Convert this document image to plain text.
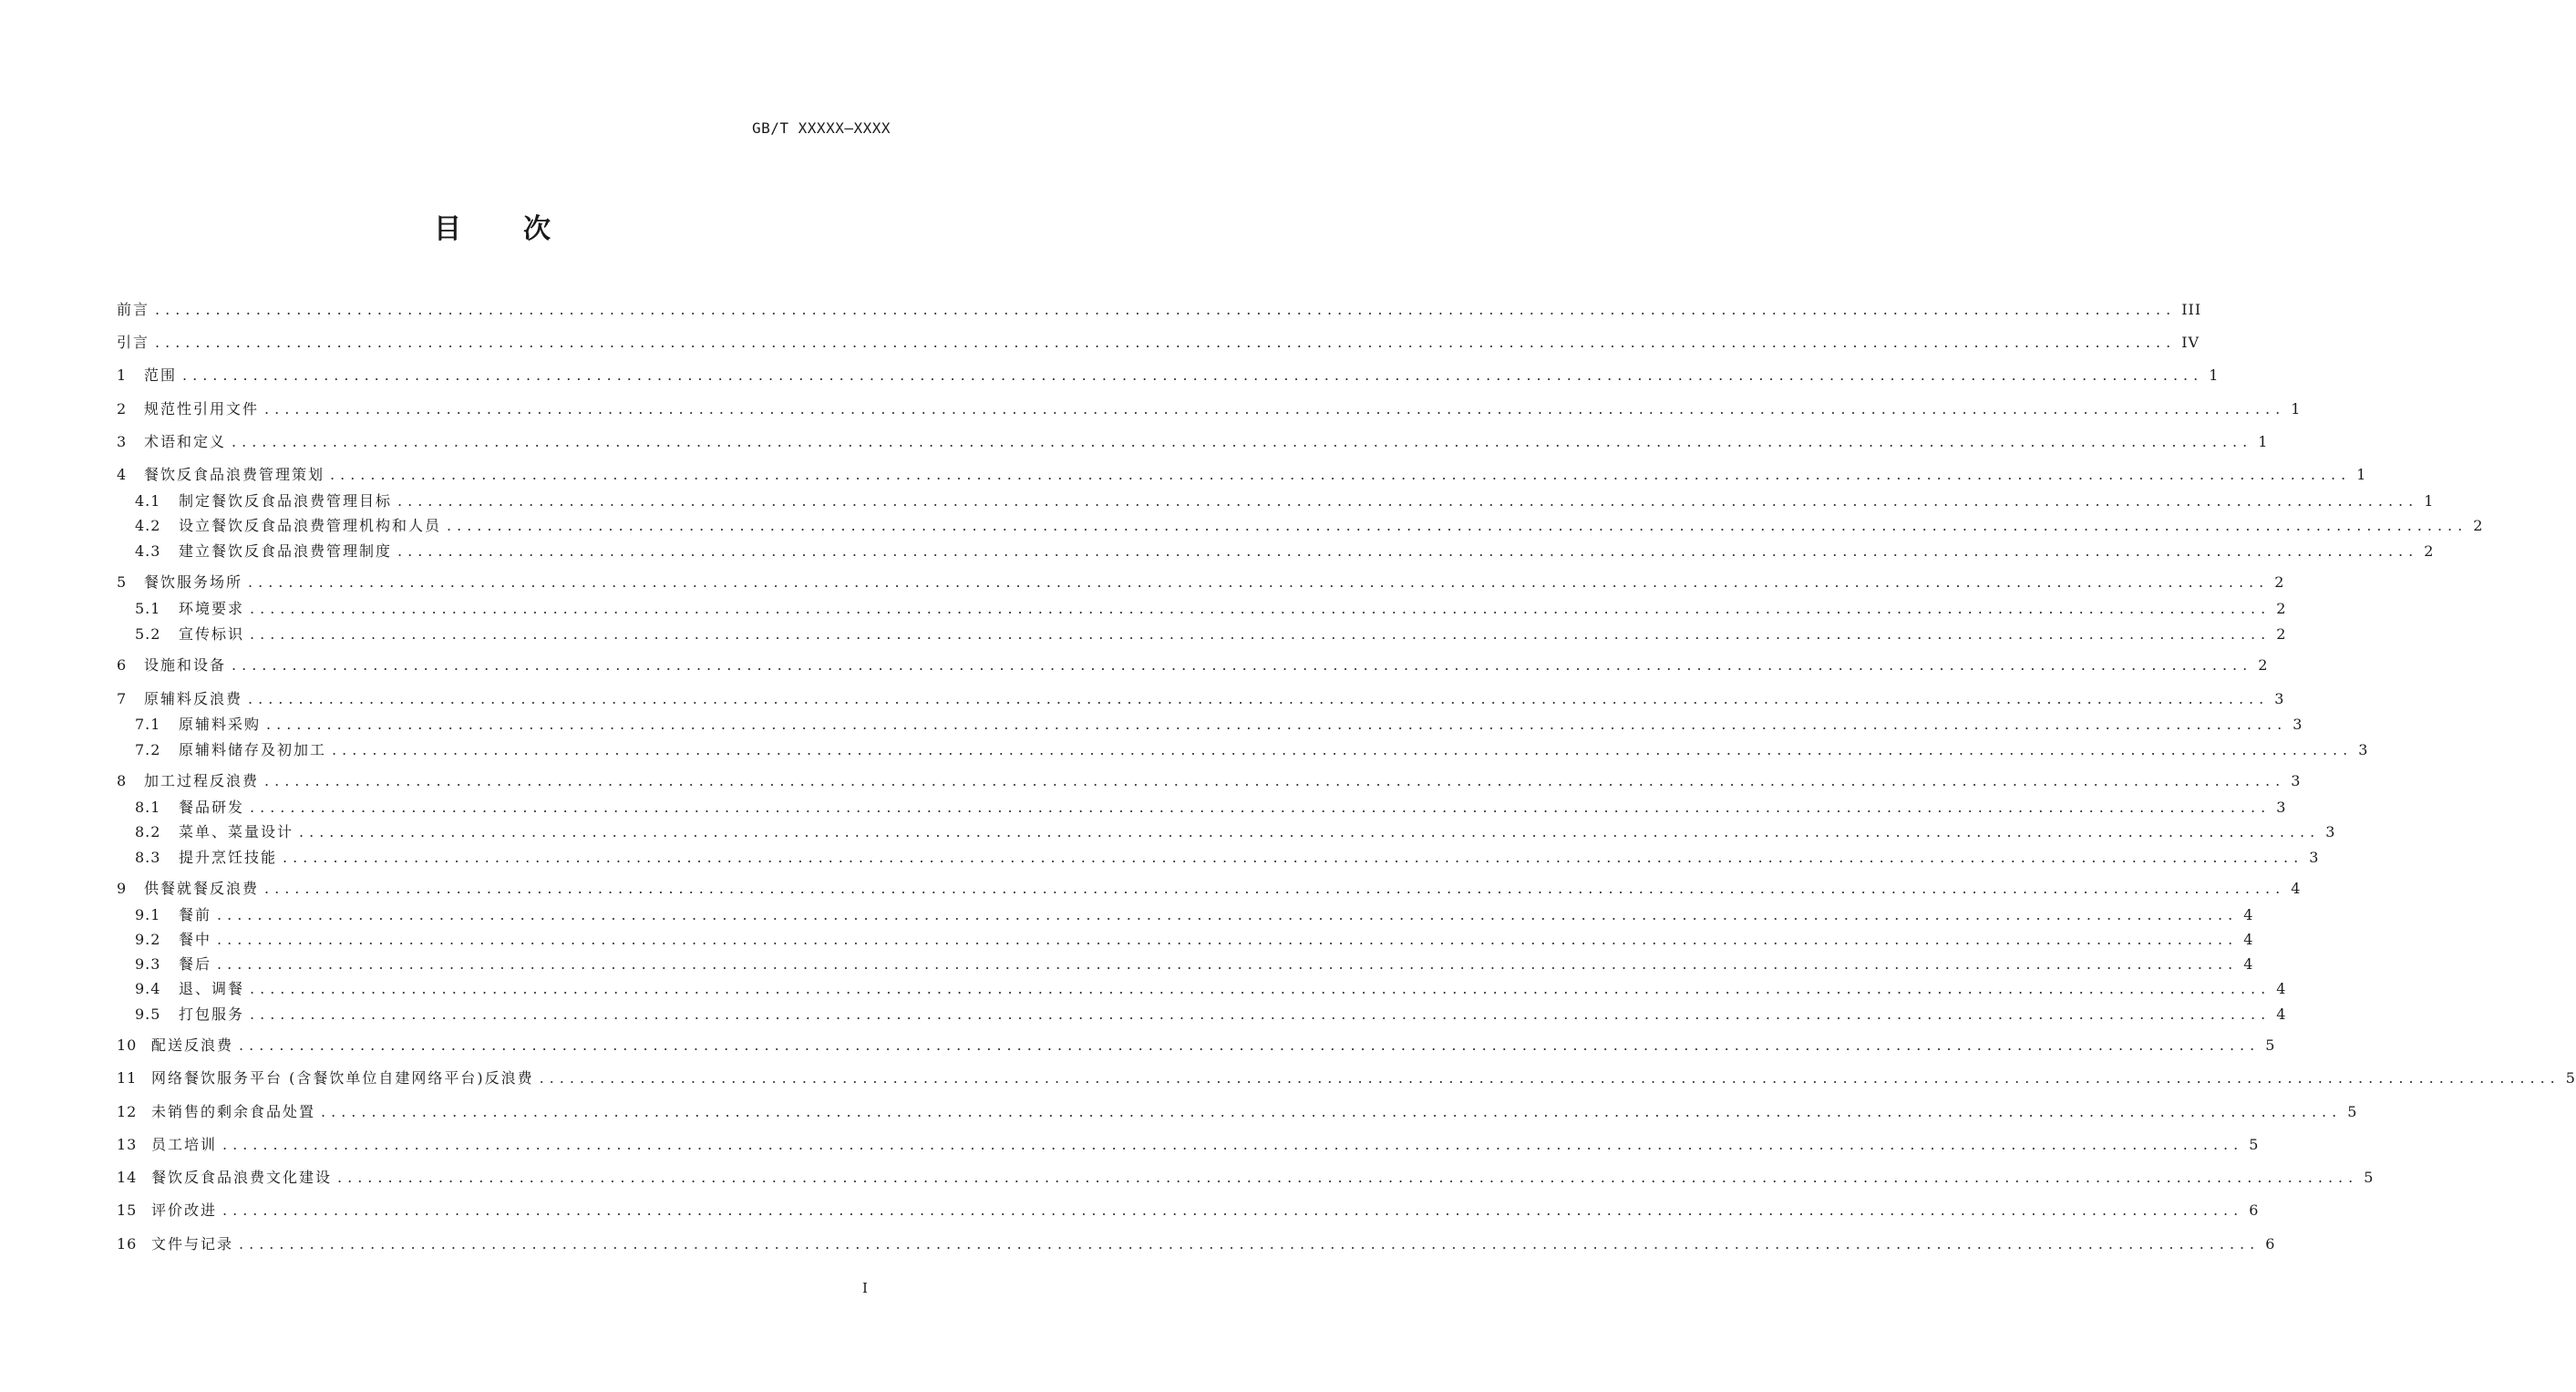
GB/T XXXXX—XXXX
目 次
前言 ........................................................................................................................................................................................................ III
引言 ........................................................................................................................................................................................................ IV
1	范围 ........................................................................................................................................................................................................ 1
2	规范性引用文件 ........................................................................................................................................................................................................ 1
3	术语和定义 ........................................................................................................................................................................................................ 1
4	餐饮反食品浪费管理策划 ........................................................................................................................................................................................................ 1
4.1	制定餐饮反食品浪费管理目标 ........................................................................................................................................................................................................ 1
4.2	设立餐饮反食品浪费管理机构和人员 ........................................................................................................................................................................................................ 2
4.3	建立餐饮反食品浪费管理制度 ........................................................................................................................................................................................................ 2
5	餐饮服务场所 ........................................................................................................................................................................................................ 2
5.1	环境要求 ........................................................................................................................................................................................................ 2
5.2	宣传标识 ........................................................................................................................................................................................................ 2
6	设施和设备 ........................................................................................................................................................................................................ 2
7	原辅料反浪费 ........................................................................................................................................................................................................ 3
7.1	原辅料采购 ........................................................................................................................................................................................................ 3
7.2	原辅料储存及初加工 ........................................................................................................................................................................................................ 3
8	加工过程反浪费 ........................................................................................................................................................................................................ 3
8.1	餐品研发 ........................................................................................................................................................................................................ 3
8.2	菜单、菜量设计 ........................................................................................................................................................................................................ 3
8.3	提升烹饪技能 ........................................................................................................................................................................................................ 3
9	供餐就餐反浪费 ........................................................................................................................................................................................................ 4
9.1	餐前 ........................................................................................................................................................................................................ 4
9.2	餐中 ........................................................................................................................................................................................................ 4
9.3	餐后 ........................................................................................................................................................................................................ 4
9.4	退、调餐 ........................................................................................................................................................................................................ 4
9.5	打包服务 ........................................................................................................................................................................................................ 4
10 配送反浪费 ........................................................................................................................................................................................................ 5
11 网络餐饮服务平台 (含餐饮单位自建网络平台)反浪费 ........................................................................................................................................................................................................ 5
12 未销售的剩余食品处置 ........................................................................................................................................................................................................ 5
13 员工培训 ........................................................................................................................................................................................................ 5
14 餐饮反食品浪费文化建设 ........................................................................................................................................................................................................ 5
15 评价改进 ........................................................................................................................................................................................................ 6
16 文件与记录 ........................................................................................................................................................................................................ 6
I
